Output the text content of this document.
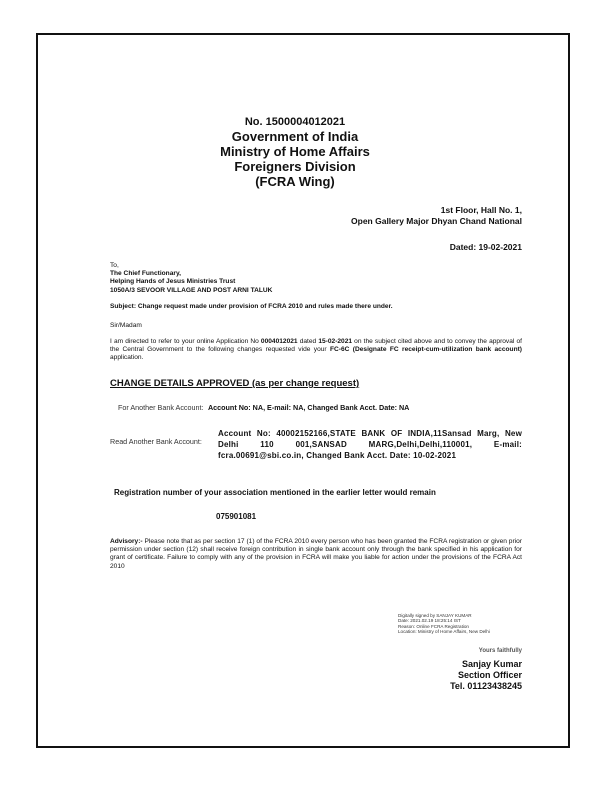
No. 1500004012021
Government of India
Ministry of Home Affairs
Foreigners Division
(FCRA Wing)
1st Floor, Hall No. 1,
Open Gallery Major Dhyan Chand National
Dated: 19-02-2021
To,
The Chief Functionary,
Helping Hands of Jesus Ministries Trust
1050A/3 SEVOOR VILLAGE AND POST ARNI TALUK
Subject: Change request made under provision of FCRA 2010 and rules made there under.
Sir/Madam
I am directed to refer to your online Application No 0004012021 dated 15-02-2021 on the subject cited above and to convey the approval of the Central Government to the following changes requested vide your FC-6C (Designate FC receipt-cum-utilization bank account) application.
CHANGE DETAILS APPROVED (as per change request)
For Another Bank Account: Account No: NA, E-mail: NA, Changed Bank Acct. Date: NA
Read Another Bank Account:
Account No: 40002152166,STATE BANK OF INDIA,11Sansad Marg, New Delhi 110 001,SANSAD MARG,Delhi,Delhi,110001, E-mail: fcra.00691@sbi.co.in, Changed Bank Acct. Date: 10-02-2021
Registration number of your association mentioned in the earlier letter would remain
075901081
Advisory:- Please note that as per section 17 (1) of the FCRA 2010 every person who has been granted the FCRA registration or given prior permission under section (12) shall receive foreign contribution in single bank account only through the bank specified in his application for grant of certificate. Failure to comply with any of the provision in FCRA will make you liable for action under the provisions of the FCRA Act 2010
Digitally signed by SANJAY KUMAR
Date: 2021.02.19 18:25:14 IST
Reason: Online FCRA Registration
Location: Ministry of Home Affairs, New Delhi
Yours faithfully
Sanjay Kumar
Section Officer
Tel. 01123438245
